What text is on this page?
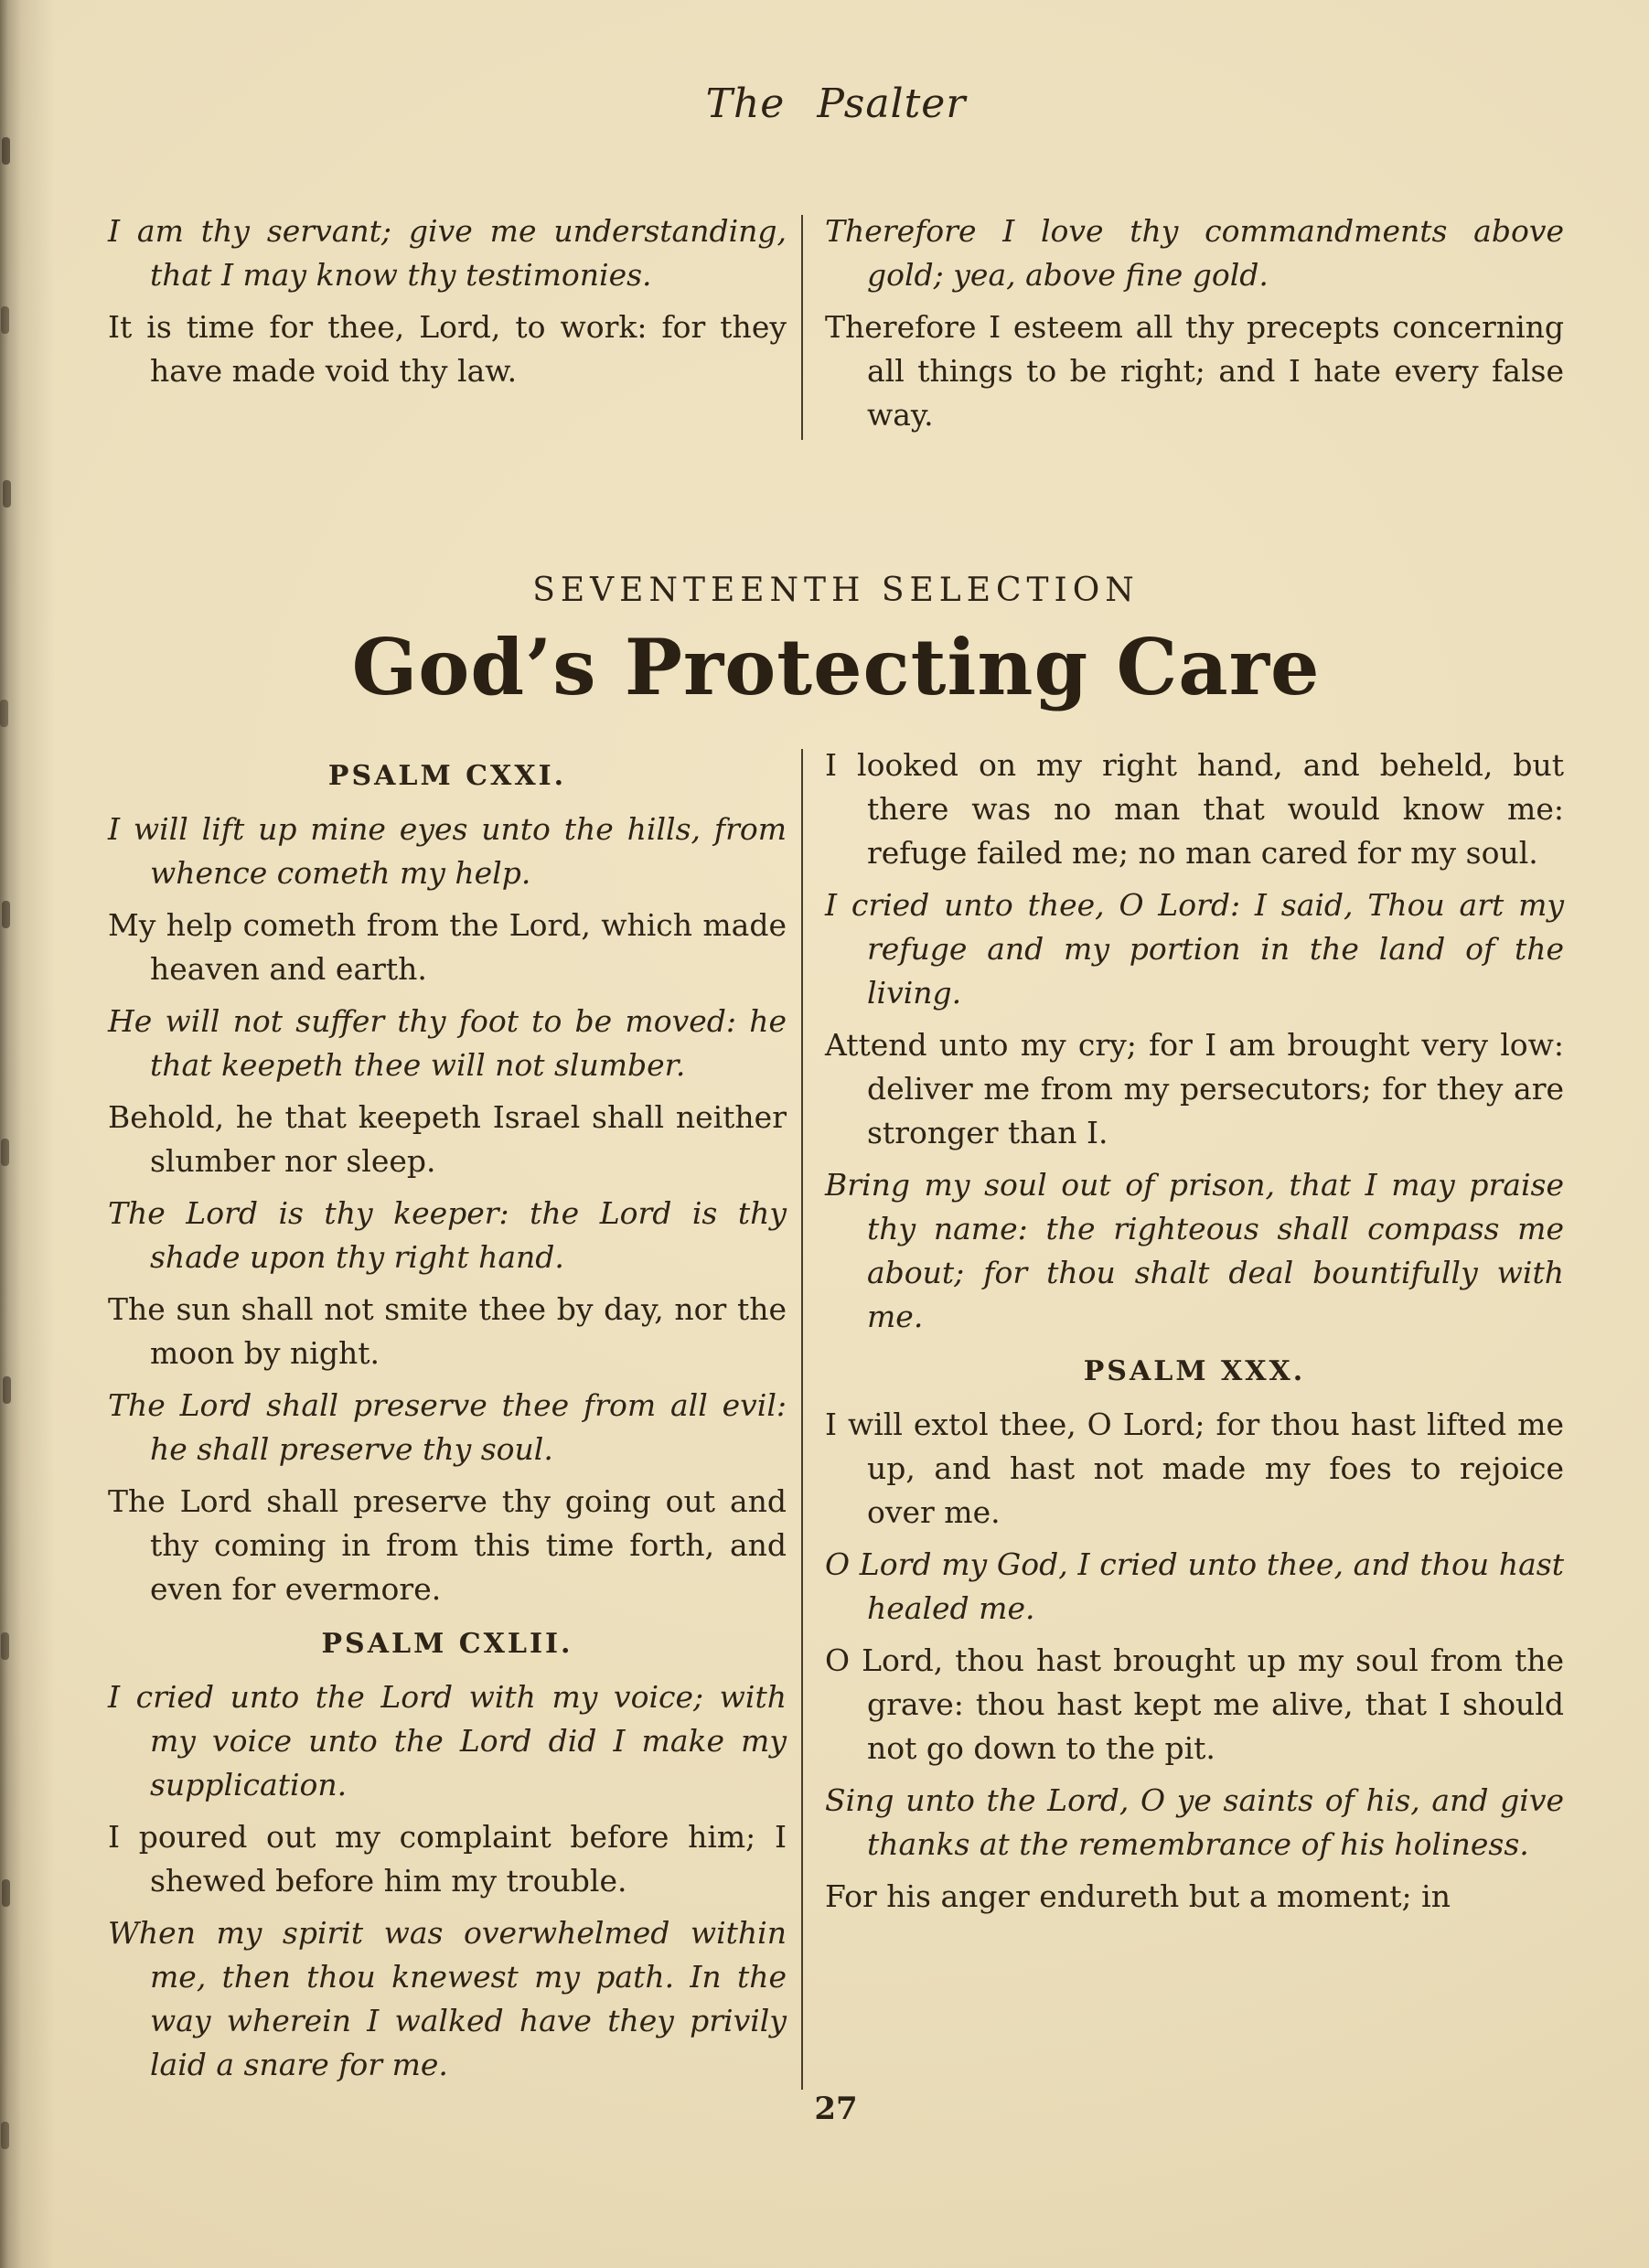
The Psalter

I am thy servant; give me understanding, that I may know thy testimonies.

It is time for thee, Lord, to work: for they have made void thy law.

Therefore I love thy commandments above gold; yea, above fine gold.

Therefore I esteem all thy precepts concerning all things to be right; and I hate every false way.

SEVENTEENTH SELECTION
God’s Protecting Care

PSALM CXXI.

I will lift up mine eyes unto the hills, from whence cometh my help.

My help cometh from the Lord, which made heaven and earth.

He will not suffer thy foot to be moved: he that keepeth thee will not slumber.

Behold, he that keepeth Israel shall neither slumber nor sleep.

The Lord is thy keeper: the Lord is thy shade upon thy right hand.

The sun shall not smite thee by day, nor the moon by night.

The Lord shall preserve thee from all evil: he shall preserve thy soul.

The Lord shall preserve thy going out and thy coming in from this time forth, and even for evermore.

PSALM CXLII.

I cried unto the Lord with my voice; with my voice unto the Lord did I make my supplication.

I poured out my complaint before him; I shewed before him my trouble.

When my spirit was overwhelmed within me, then thou knewest my path. In the way wherein I walked have they privily laid a snare for me.

I looked on my right hand, and beheld, but there was no man that would know me: refuge failed me; no man cared for my soul.

I cried unto thee, O Lord: I said, Thou art my refuge and my portion in the land of the living.

Attend unto my cry; for I am brought very low: deliver me from my persecutors; for they are stronger than I.

Bring my soul out of prison, that I may praise thy name: the righteous shall compass me about; for thou shalt deal bountifully with me.

PSALM XXX.

I will extol thee, O Lord; for thou hast lifted me up, and hast not made my foes to rejoice over me.

O Lord my God, I cried unto thee, and thou hast healed me.

O Lord, thou hast brought up my soul from the grave: thou hast kept me alive, that I should not go down to the pit.

Sing unto the Lord, O ye saints of his, and give thanks at the remembrance of his holiness.

For his anger endureth but a moment; in

27
